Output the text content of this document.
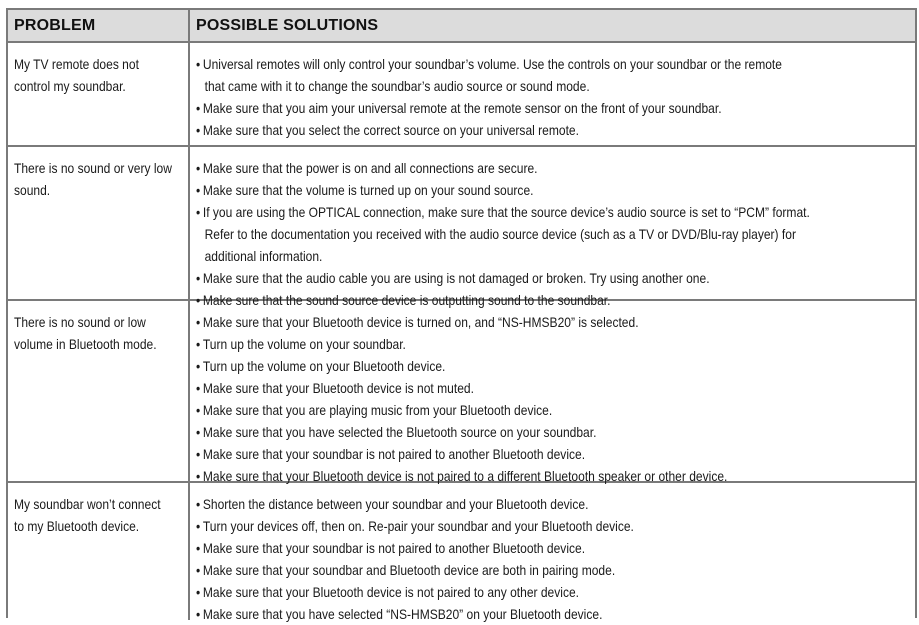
PROBLEM	POSSIBLE SOLUTIONS
My TV remote does not
control my soundbar.
• Universal remotes will only control your soundbar’s volume. Use the controls on your soundbar or the remote
that came with it to change the soundbar’s audio source or sound mode.
• Make sure that you aim your universal remote at the remote sensor on the front of your soundbar.
• Make sure that you select the correct source on your universal remote.
There is no sound or very low
sound.
• Make sure that the power is on and all connections are secure.
• Make sure that the volume is turned up on your sound source.
• If you are using the OPTICAL connection, make sure that the source device’s audio source is set to “PCM” format.
Refer to the documentation you received with the audio source device (such as a TV or DVD/Blu-ray player) for
additional information.
• Make sure that the audio cable you are using is not damaged or broken. Try using another one.
• Make sure that the sound source device is outputting sound to the soundbar.
There is no sound or low
volume in Bluetooth mode.
• Make sure that your Bluetooth device is turned on, and “NS-HMSB20” is selected.
• Turn up the volume on your soundbar.
• Turn up the volume on your Bluetooth device.
• Make sure that your Bluetooth device is not muted.
• Make sure that you are playing music from your Bluetooth device.
• Make sure that you have selected the Bluetooth source on your soundbar.
• Make sure that your soundbar is not paired to another Bluetooth device.
• Make sure that your Bluetooth device is not paired to a different Bluetooth speaker or other device.
My soundbar won’t connect
to my Bluetooth device.
• Shorten the distance between your soundbar and your Bluetooth device.
• Turn your devices off, then on. Re-pair your soundbar and your Bluetooth device.
• Make sure that your soundbar is not paired to another Bluetooth device.
• Make sure that your soundbar and Bluetooth device are both in pairing mode.
• Make sure that your Bluetooth device is not paired to any other device.
• Make sure that you have selected “NS-HMSB20” on your Bluetooth device.
